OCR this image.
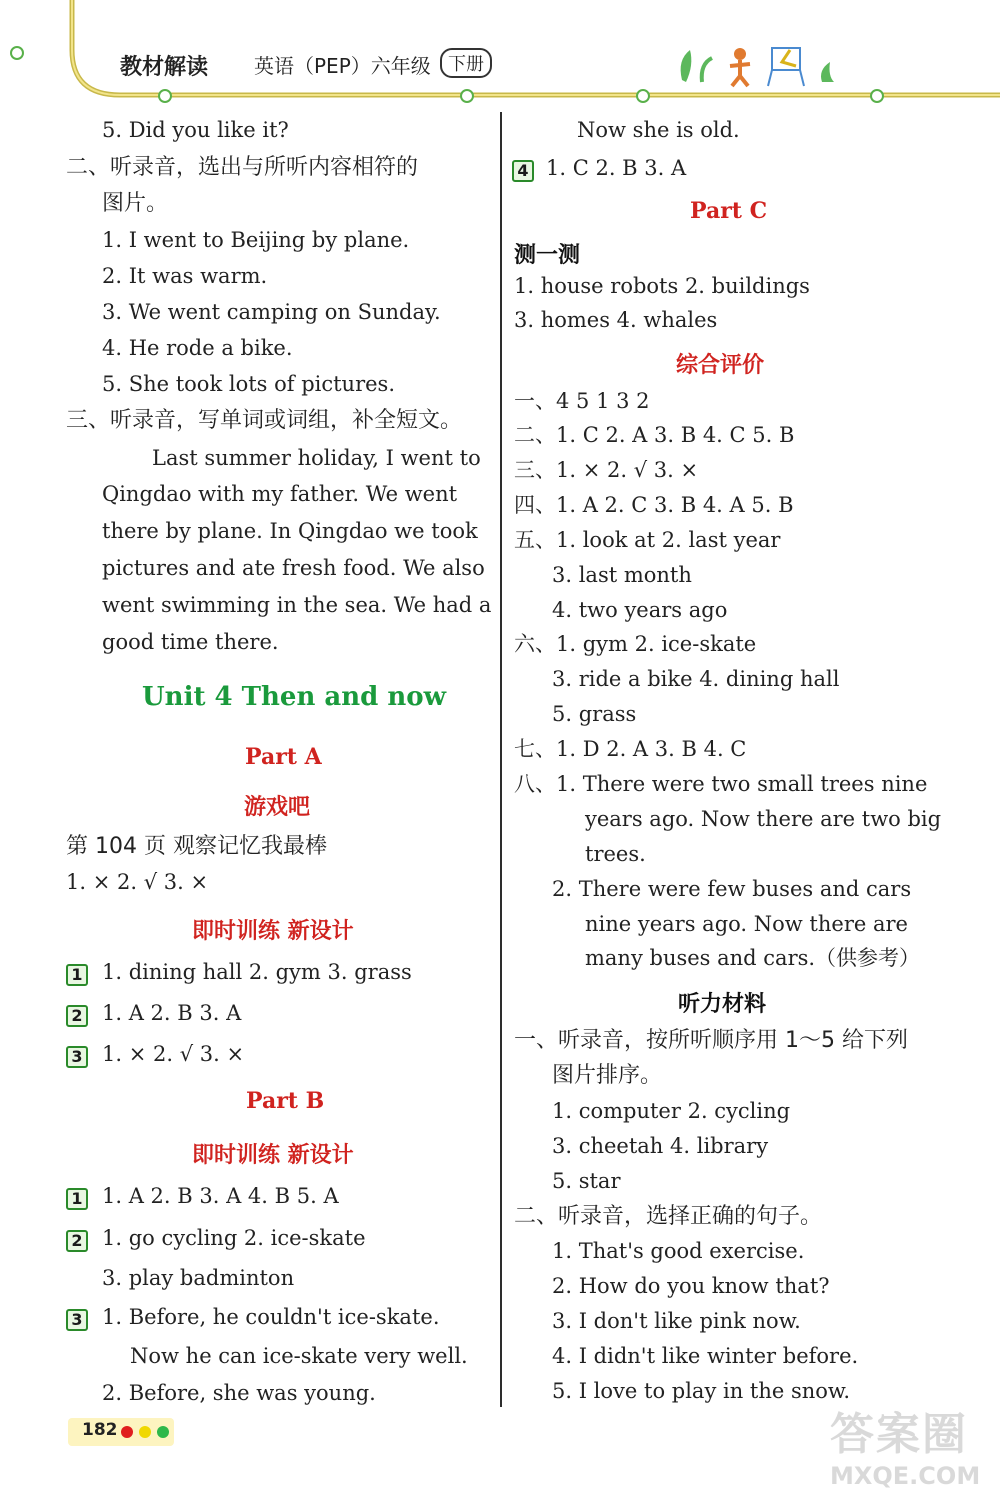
教材解读 英语（PEP）六年级 下册
5. Did you like it?
二、听录音，选出与所听内容相符的
图片。
1. I went to Beijing by plane.
2. It was warm.
3. We went camping on Sunday.
4. He rode a bike.
5. She took lots of pictures.
三、听录音，写单词或词组，补全短文。
Last summer holiday, I went to
Qingdao with my father. We went
there by plane. In Qingdao we took
pictures and ate fresh food. We also
went swimming in the sea. We had a
good time there.
第 104 页 观察记忆我最棒
1. × 2. √ 3. ×
1. dining hall 2. gym 3. grass
1. A 2. B 3. A
1. × 2. √ 3. ×
1. A 2. B 3. A 4. B 5. A
1. go cycling 2. ice-skate
3. play badminton
1. Before, he couldn't ice-skate.
Now he can ice-skate very well.
2. Before, she was young.
Unit 4 Then and now
Part A
游戏吧
即时训练 新设计
Part B
即时训练 新设计
Now she is old.
1. C 2. B 3. A
1. house robots 2. buildings
3. homes 4. whales
一、4 5 1 3 2
二、1. C 2. A 3. B 4. C 5. B
三、1. × 2. √ 3. ×
四、1. A 2. C 3. B 4. A 5. B
五、1. look at 2. last year
3. last month
4. two years ago
六、1. gym 2. ice-skate
3. ride a bike 4. dining hall
5. grass
七、1. D 2. A 3. B 4. C
八、1. There were two small trees nine
years ago. Now there are two big
trees.
2. There were few buses and cars
nine years ago. Now there are
many buses and cars.（供参考）
一、听录音，按所听顺序用 1～5 给下列
图片排序。
1. computer 2. cycling
3. cheetah 4. library
5. star
二、听录音，选择正确的句子。
1. That's good exercise.
2. How do you know that?
3. I don't like pink now.
4. I didn't like winter before.
5. I love to play in the snow.
Part C
测一测
综合评价
听力材料
182	答案圈
MXQE.COM
1
2
3
1
2
3
4
